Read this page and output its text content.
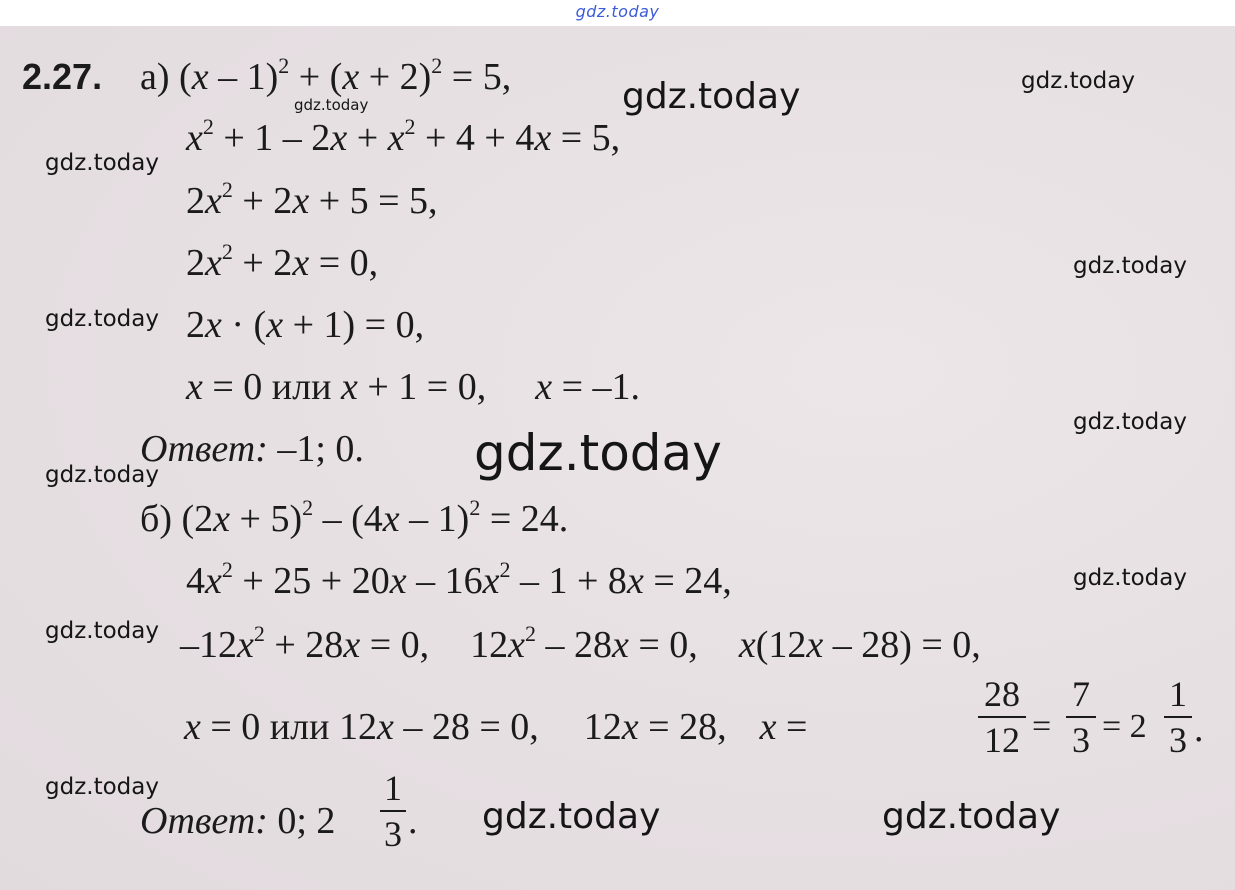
gdz.today
gdz.today	gdz.today
gdz.today
gdz.today
gdz.today
gdz.today
gdz.today
gdz.today
gdz.today
gdz.today
gdz.today
gdz.today
gdz.today	gdz.today
2.27. а) $(x - 1)^2 + (x + 2)^2 = 5$,
$x^2 + 1 - 2x + x^2 + 4 + 4x = 5$,
$2x^2 + 2x + 5 = 5$,
$2x^2 + 2x = 0$,
2x · (x + 1) = 0,
x = 0 или x + 1 = 0, x = –1.
Ответ: –1; 0.
б) $(2x + 5)^2 - (4x - 1)^2 = 24$.
$4x^2 + 25 + 20x - 16x^2 - 1 + 8x = 24$,
$-12x^2 + 28x = 0$, $12x^2 - 28x = 0$, x(12x – 28) = 0,
x = 0 или 12x – 28 = 0, 12x = 28, x =
28
12 =
7
3 = 2
1
3 .
Ответ: 0; 2
1
3 .
